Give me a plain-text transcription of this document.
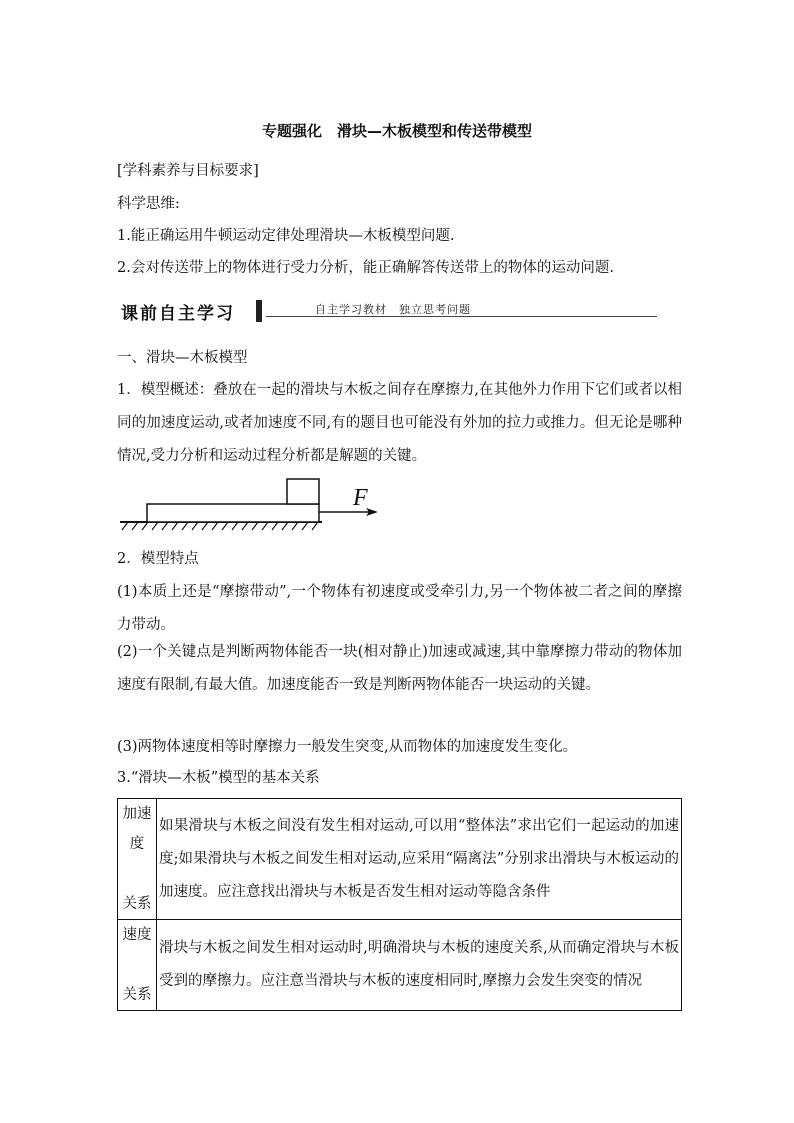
专题强化　滑块—木板模型和传送带模型
[学科素养与目标要求]
科学思维:
1.能正确运用牛顿运动定律处理滑块—木板模型问题.
2.会对传送带上的物体进行受力分析，能正确解答传送带上的物体的运动问题.
课前自主学习	自主学习教材　独立思考问题
一、滑块—木板模型
1．模型概述：叠放在一起的滑块与木板之间存在摩擦力,在其他外力作用下它们或者以相同的加速度运动,或者加速度不同,有的题目也可能没有外加的拉力或推力。但无论是哪种情况,受力分析和运动过程分析都是解题的关键。
F
2．模型特点
(1)本质上还是“摩擦带动”,一个物体有初速度或受牵引力,另一个物体被二者之间的摩擦力带动。
(2)一个关键点是判断两物体能否一块(相对静止)加速或减速,其中靠摩擦力带动的物体加速度有限制,有最大值。加速度能否一致是判断两物体能否一块运动的关键。
(3)两物体速度相等时摩擦力一般发生突变,从而物体的加速度发生变化。
3.“滑块—木板”模型的基本关系
加速
度
关系	如果滑块与木板之间没有发生相对运动,可以用“整体法”求出它们一起运动的加速度;如果滑块与木板之间发生相对运动,应采用“隔离法”分别求出滑块与木板运动的加速度。应注意找出滑块与木板是否发生相对运动等隐含条件

速度
关系	滑块与木板之间发生相对运动时,明确滑块与木板的速度关系,从而确定滑块与木板受到的摩擦力。应注意当滑块与木板的速度相同时,摩擦力会发生突变的情况
